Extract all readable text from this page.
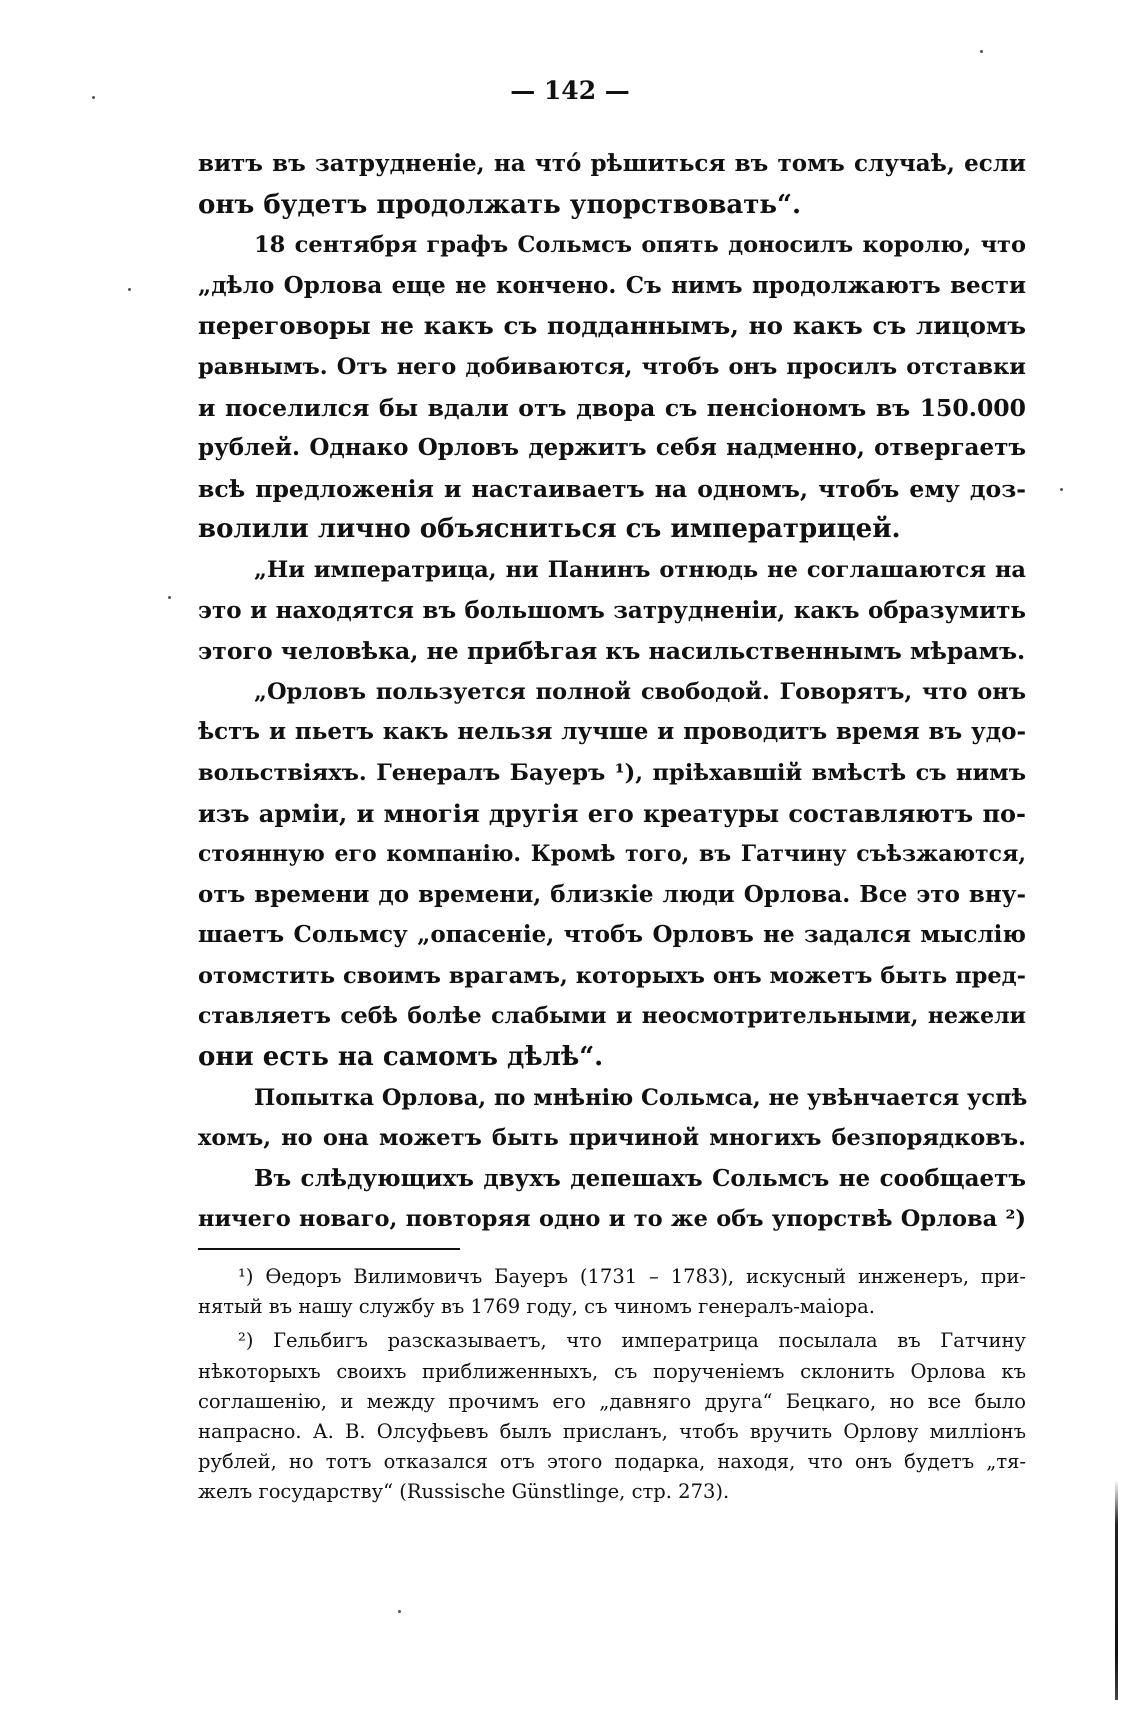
— 142 —
витъ въ затрудненіе, на чтó рѣшиться въ томъ случаѣ, если
онъ будетъ продолжать упорствовать“.
18 сентября графъ Сольмсъ опять доносилъ королю, что
„дѣло Орлова еще не кончено. Съ нимъ продолжаютъ вести
переговоры не какъ съ подданнымъ, но какъ съ лицомъ
равнымъ. Отъ него добиваются, чтобъ онъ просилъ отставки
и поселился бы вдали отъ двора съ пенсіономъ въ 150.000
рублей. Однако Орловъ держитъ себя надменно, отвергаетъ
всѣ предложенія и настаиваетъ на одномъ, чтобъ ему доз-
волили лично объясниться съ императрицей.
„Ни императрица, ни Панинъ отнюдь не соглашаются на
это и находятся въ большомъ затрудненіи, какъ образумить
этого человѣка, не прибѣгая къ насильственнымъ мѣрамъ.
„Орловъ пользуется полной свободой. Говорятъ, что онъ
ѣстъ и пьетъ какъ нельзя лучше и проводитъ время въ удо-
вольствіяхъ. Генералъ Бауеръ ¹), пріѣхавшій вмѣстѣ съ нимъ
изъ арміи, и многія другія его креатуры составляютъ по-
стоянную его компанію. Кромѣ того, въ Гатчину съѣзжаются,
отъ времени до времени, близкіе люди Орлова. Все это вну-
шаетъ Сольмсу „опасеніе, чтобъ Орловъ не задался мыслію
отомстить своимъ врагамъ, которыхъ онъ можетъ быть пред-
ставляетъ себѣ болѣе слабыми и неосмотрительными, нежели
они есть на самомъ дѣлѣ“.
Попытка Орлова, по мнѣнію Сольмса, не увѣнчается успѣ
хомъ, но она можетъ быть причиной многихъ безпорядковъ.
Въ слѣдующихъ двухъ депешахъ Сольмсъ не сообщаетъ
ничего новаго, повторяя одно и то же объ упорствѣ Орлова ²)
¹) Ѳедоръ Вилимовичъ Бауеръ (1731 – 1783), искусный инженеръ, при-
нятый въ нашу службу въ 1769 году, съ чиномъ генералъ-маіора.
²) Гельбигъ разсказываетъ, что императрица посылала въ Гатчину
нѣкоторыхъ своихъ приближенныхъ, съ порученіемъ склонить Орлова къ
соглашенію, и между прочимъ его „давняго друга“ Бецкаго, но все было
напрасно. А. В. Олсуфьевъ былъ присланъ, чтобъ вручить Орлову милліонъ
рублей, но тотъ отказался отъ этого подарка, находя, что онъ будетъ „тя-
желъ государству“ (Russische Günstlinge, стр. 273).
